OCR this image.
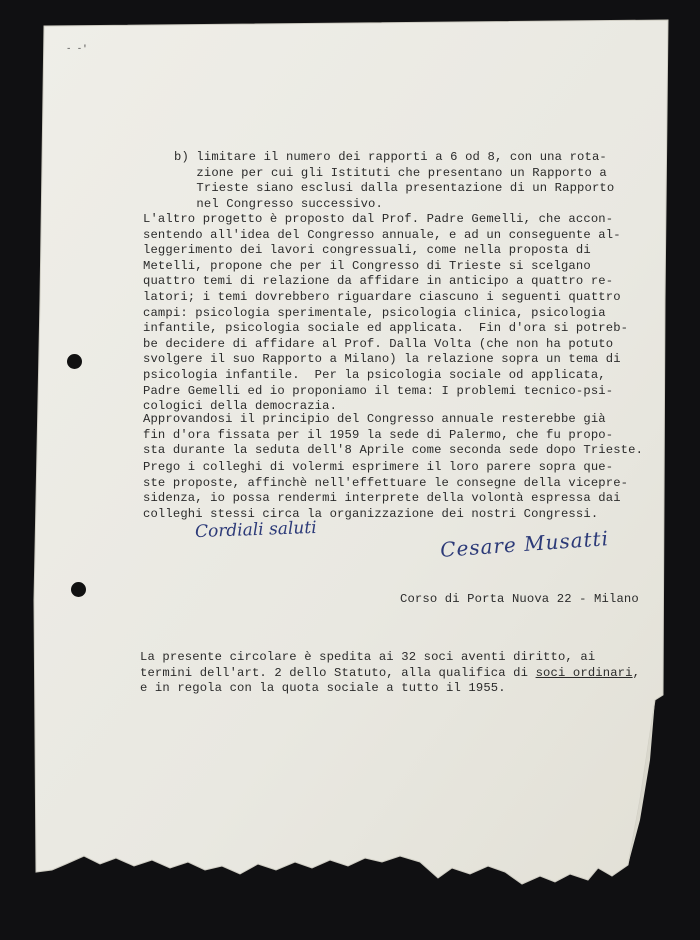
- -'
b) limitare il numero dei rapporti a 6 od 8, con una rota-
zione per cui gli Istituti che presentano un Rapporto a
Trieste siano esclusi dalla presentazione di un Rapporto
nel Congresso successivo.
L'altro progetto è proposto dal Prof. Padre Gemelli, che accon-
sentendo all'idea del Congresso annuale, e ad un conseguente al-
leggerimento dei lavori congressuali, come nella proposta di
Metelli, propone che per il Congresso di Trieste si scelgano
quattro temi di relazione da affidare in anticipo a quattro re-
latori; i temi dovrebbero riguardare ciascuno i seguenti quattro
campi: psicologia sperimentale, psicologia clinica, psicologia
infantile, psicologia sociale ed applicata.  Fin d'ora si potreb-
be decidere di affidare al Prof. Dalla Volta (che non ha potuto
svolgere il suo Rapporto a Milano) la relazione sopra un tema di
psicologia infantile.  Per la psicologia sociale od applicata,
Padre Gemelli ed io proponiamo il tema: I problemi tecnico-psi-
cologici della democrazia.
Approvandosi il principio del Congresso annuale resterebbe già
fin d'ora fissata per il 1959 la sede di Palermo, che fu propo-
sta durante la seduta dell'8 Aprile come seconda sede dopo Trieste.
Prego i colleghi di volermi esprimere il loro parere sopra que-
ste proposte, affinchè nell'effettuare le consegne della vicepre-
sidenza, io possa rendermi interprete della volontà espressa dai
colleghi stessi circa la organizzazione dei nostri Congressi.
Cordiali saluti	Cesare Musatti
Corso di Porta Nuova 22 - Milano
La presente circolare è spedita ai 32 soci aventi diritto, ai
termini dell'art. 2 dello Statuto, alla qualifica di soci ordinari,
e in regola con la quota sociale a tutto il 1955.
